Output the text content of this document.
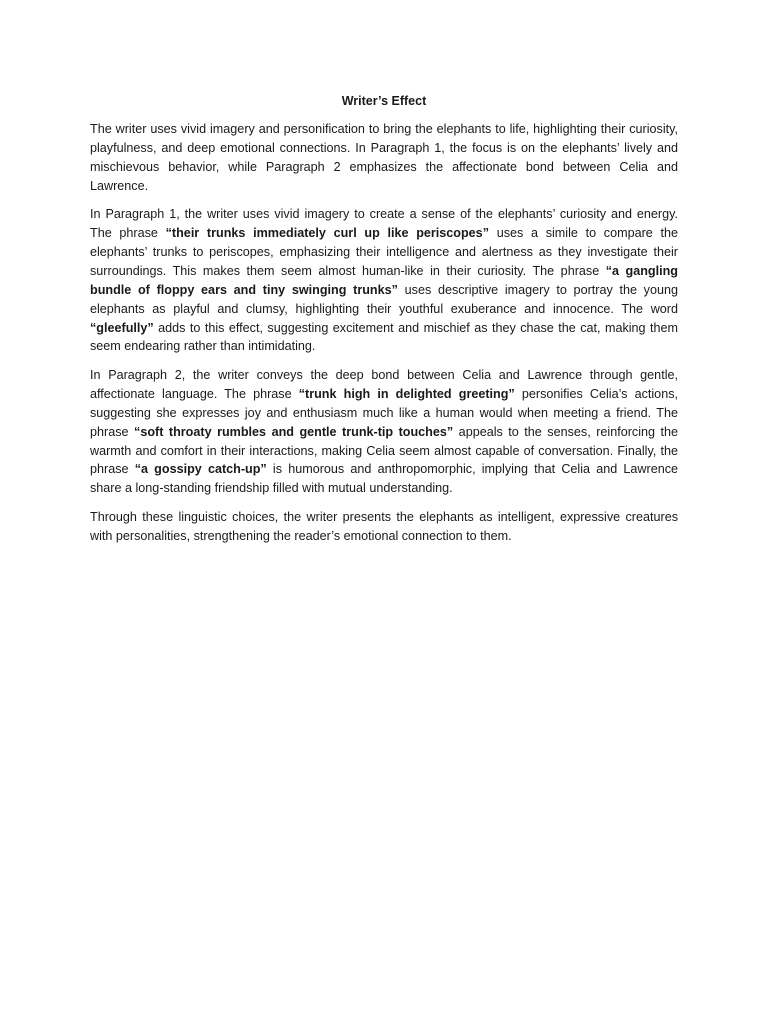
Writer’s Effect

The writer uses vivid imagery and personification to bring the elephants to life, highlighting their curiosity, playfulness, and deep emotional connections. In Paragraph 1, the focus is on the elephants’ lively and mischievous behavior, while Paragraph 2 emphasizes the affectionate bond between Celia and Lawrence.

In Paragraph 1, the writer uses vivid imagery to create a sense of the elephants’ curiosity and energy. The phrase “their trunks immediately curl up like periscopes” uses a simile to compare the elephants’ trunks to periscopes, emphasizing their intelligence and alertness as they investigate their surroundings. This makes them seem almost human-like in their curiosity. The phrase “a gangling bundle of floppy ears and tiny swinging trunks” uses descriptive imagery to portray the young elephants as playful and clumsy, highlighting their youthful exuberance and innocence. The word “gleefully” adds to this effect, suggesting excitement and mischief as they chase the cat, making them seem endearing rather than intimidating.

In Paragraph 2, the writer conveys the deep bond between Celia and Lawrence through gentle, affectionate language. The phrase “trunk high in delighted greeting” personifies Celia’s actions, suggesting she expresses joy and enthusiasm much like a human would when meeting a friend. The phrase “soft throaty rumbles and gentle trunk-tip touches” appeals to the senses, reinforcing the warmth and comfort in their interactions, making Celia seem almost capable of conversation. Finally, the phrase “a gossipy catch-up” is humorous and anthropomorphic, implying that Celia and Lawrence share a long-standing friendship filled with mutual understanding.

Through these linguistic choices, the writer presents the elephants as intelligent, expressive creatures with personalities, strengthening the reader’s emotional connection to them.
